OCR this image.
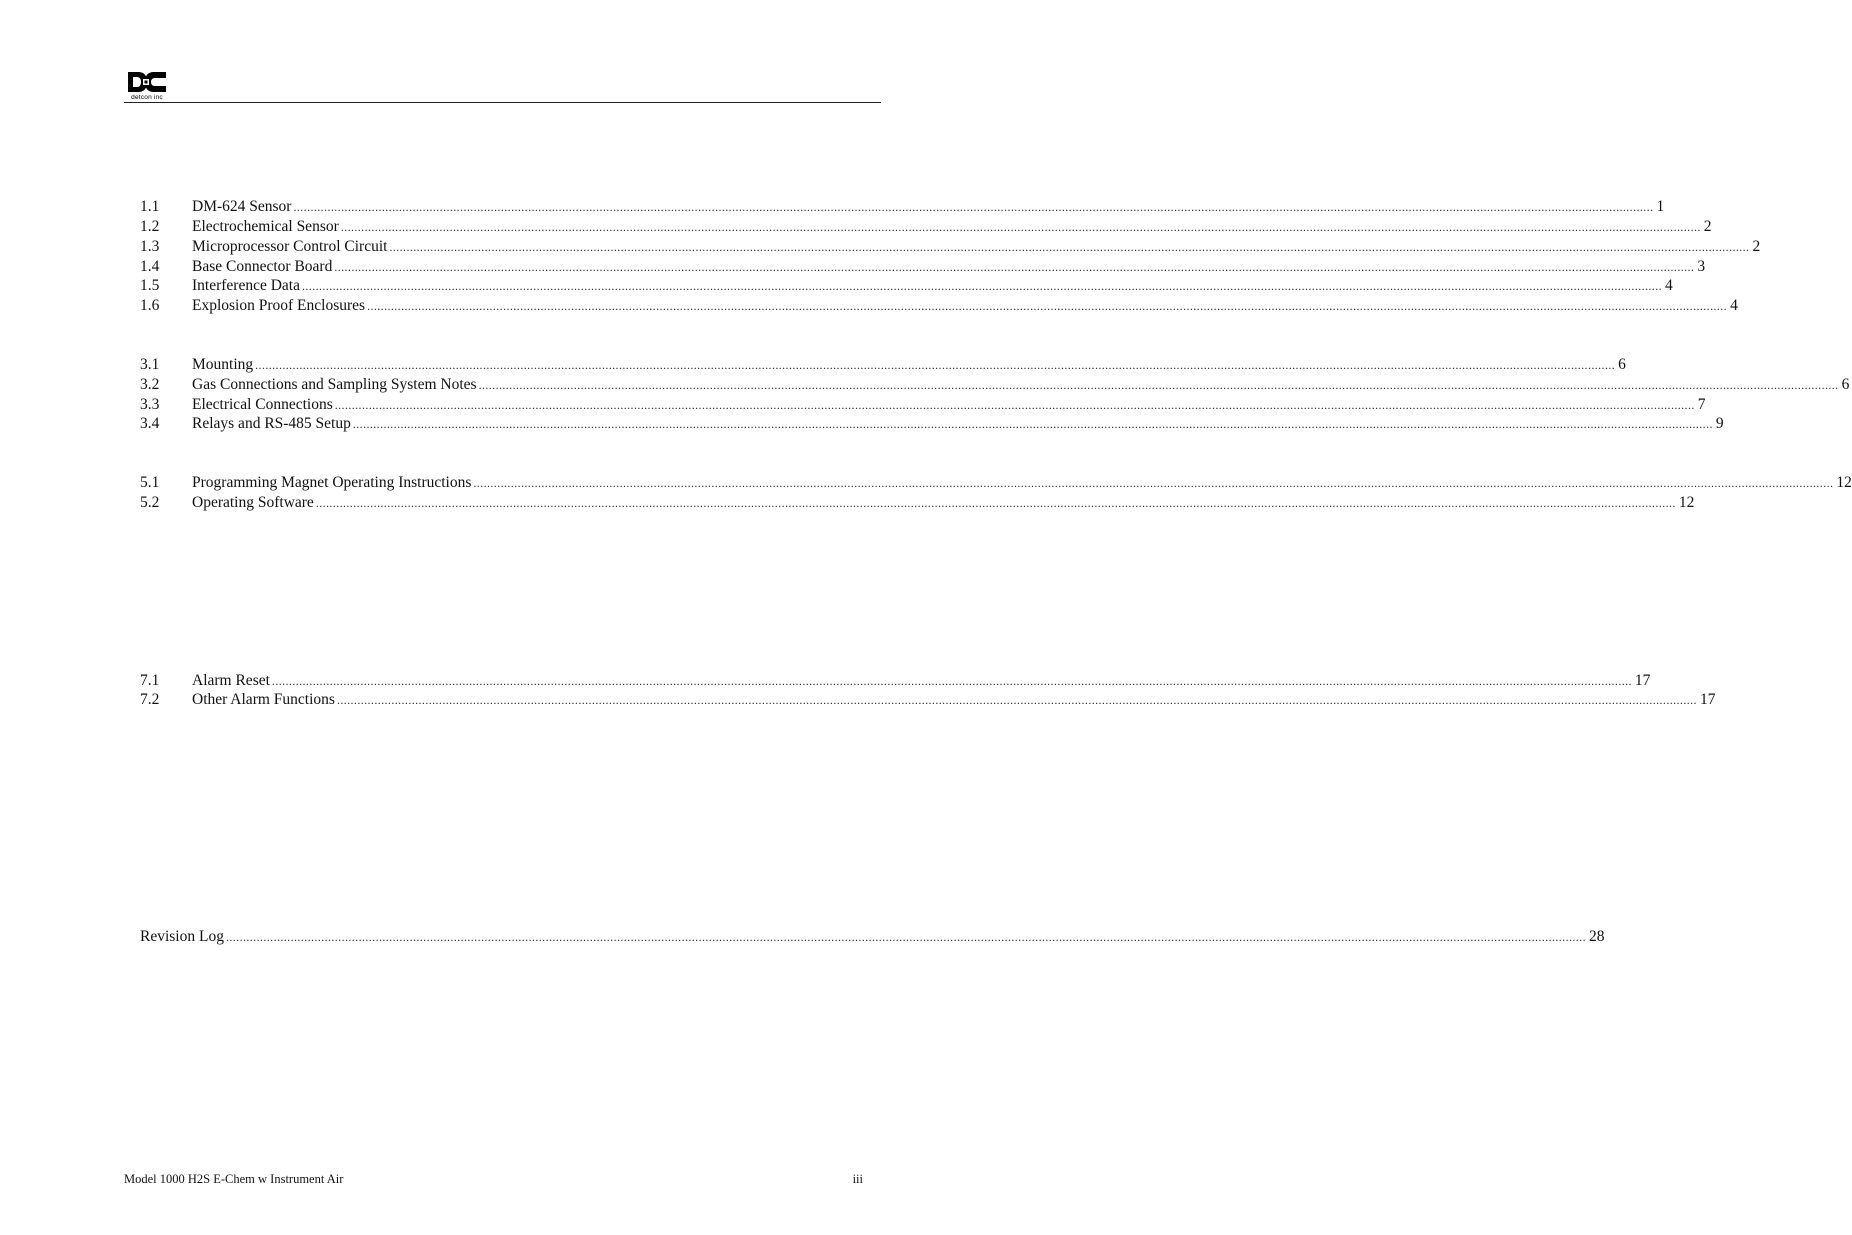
detcon inc
1.1	DM-624 Sensor ................................................................................................................................................................................................................................................................................................................................................................................................................ 1
1.2	Electrochemical Sensor ................................................................................................................................................................................................................................................................................................................................................................................................................ 2
1.3	Microprocessor Control Circuit ................................................................................................................................................................................................................................................................................................................................................................................................................ 2
1.4	Base Connector Board ................................................................................................................................................................................................................................................................................................................................................................................................................ 3
1.5	Interference Data ................................................................................................................................................................................................................................................................................................................................................................................................................ 4
1.6	Explosion Proof Enclosures ................................................................................................................................................................................................................................................................................................................................................................................................................ 4
3.1	Mounting ................................................................................................................................................................................................................................................................................................................................................................................................................ 6
3.2	Gas Connections and Sampling System Notes ................................................................................................................................................................................................................................................................................................................................................................................................................ 6
3.3	Electrical Connections ................................................................................................................................................................................................................................................................................................................................................................................................................ 7
3.4	Relays and RS-485 Setup ................................................................................................................................................................................................................................................................................................................................................................................................................ 9
5.1	Programming Magnet Operating Instructions ................................................................................................................................................................................................................................................................................................................................................................................................................ 12
5.2	Operating Software ................................................................................................................................................................................................................................................................................................................................................................................................................ 12
7.1	Alarm Reset ................................................................................................................................................................................................................................................................................................................................................................................................................ 17
7.2	Other Alarm Functions ................................................................................................................................................................................................................................................................................................................................................................................................................ 17
Revision Log ................................................................................................................................................................................................................................................................................................................................................................................................................ 28
Model 1000 H2S E-Chem w Instrument Air	iii
